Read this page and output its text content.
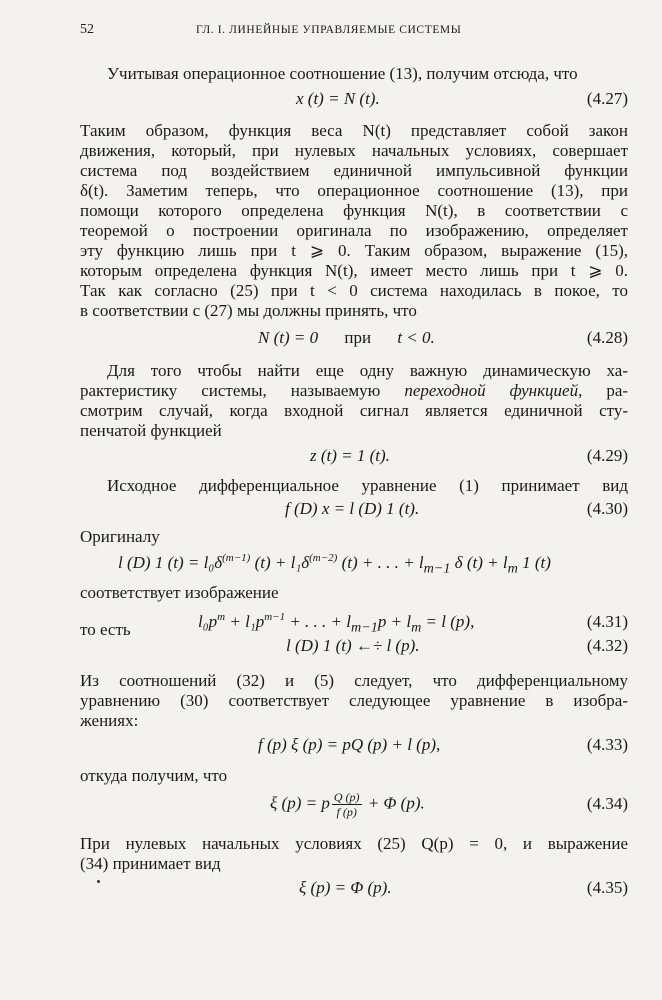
52	ГЛ. I. ЛИНЕЙНЫЕ УПРАВЛЯЕМЫЕ СИСТЕМЫ
Учитывая операционное соотношение (13), получим отсюда, что
x (t) = N (t).	(4.27)
Таким образом, функция веса N(t) представляет собой закон
движения, который, при нулевых начальных условиях, совершает
система под воздействием единичной импульсивной функции
δ(t). Заметим теперь, что операционное соотношение (13), при
помощи которого определена функция N(t), в соответствии с
теоремой о построении оригинала по изображению, определяет
эту функцию лишь при t ⩾ 0. Таким образом, выражение (15),
которым определена функция N(t), имеет место лишь при t ⩾ 0.
Так как согласно (25) при t < 0 система находилась в покое, то
в соответствии с (27) мы должны принять, что
N (t) = 0 при t < 0.	(4.28)
Для того чтобы найти еще одну важную динамическую ха-
рактеристику системы, называемую переходной функцией, ра-
смотрим случай, когда входной сигнал является единичной сту-
пенчатой функцией
z (t) = 1 (t).	(4.29)
Исходное дифференциальное уравнение (1) принимает вид
f (D) x = l (D) 1 (t).	(4.30)
Оригиналу
l (D) 1 $(t) = l_0\delta^{(m-1)}$ $(t) + l_1\delta^{(m-2)}$ (t) + . . . + $l_{m-1}$ δ $(t) + l_m$ 1 (t)
соответствует изображение
$l_0p^m + l_1p^{m-1}$ + . . . + $l_{m-1}p + l_m = l$ (p),	(4.31)
то есть
l (D) 1 (t) ←÷ l (p).	(4.32)
Из соотношений (32) и (5) следует, что дифференциальному
уравнению (30) соответствует следующее уравнение в изобра-
жениях:
f (p) ξ (p) = pQ (p) + l (p),	(4.33)
откуда получим, что
ξ (p) = p $\frac{Q (p)}{f (p)} + \Phi$ (p).	(4.34)
При нулевых начальных условиях (25) Q(p) = 0, и выражение
(34) принимает вид
ξ (p) = Φ (p).	(4.35)
